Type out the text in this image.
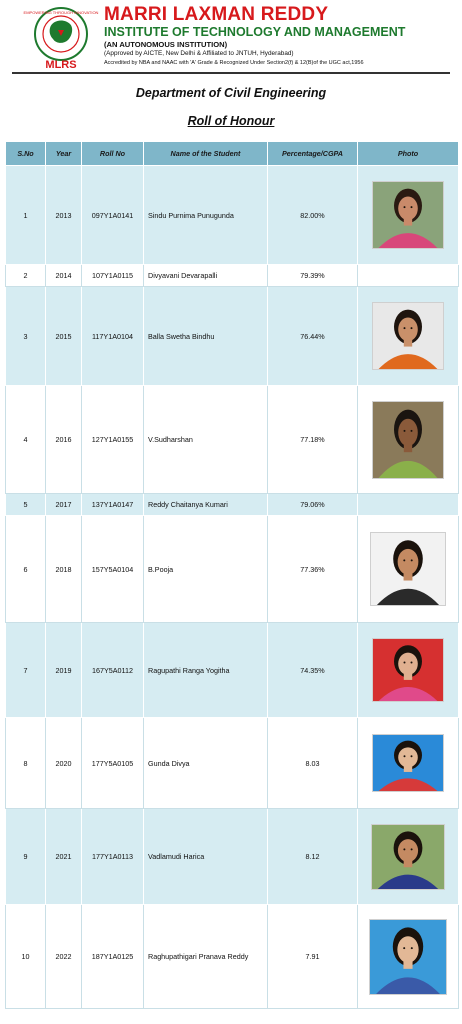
EMPOWERING THROUGH INNOVATION
MLRS
MARRI LAXMAN REDDY
INSTITUTE OF TECHNOLOGY AND MANAGEMENT
(AN AUTONOMOUS INSTITUTION)
(Approved by AICTE, New Delhi & Affiliated to JNTUH, Hyderabad)
Accredited by NBA and NAAC with 'A' Grade & Recognized Under Section2(f) & 12(B)of the UGC act,1956
Department of Civil Engineering
Roll of Honour
S.No	Year	Roll No	Name of the Student	Percentage/CGPA	Photo
1	2013	097Y1A0141	Sindu Purnima Punugunda	82.00%	

2	2014	107Y1A0115	Divyavani Devarapalli	79.39%	
3	2015	117Y1A0104	Balla Swetha Bindhu	76.44%	

4	2016	127Y1A0155	V.Sudharshan	77.18%	

5	2017	137Y1A0147	Reddy Chaitanya Kumari	79.06%	
6	2018	157Y5A0104	B.Pooja	77.36%	

7	2019	167Y5A0112	Ragupathi Ranga Yogitha	74.35%	

8	2020	177Y5A0105	Gunda Divya	8.03	

9	2021	177Y1A0113	Vadlamudi Harica	8.12	

10	2022	187Y1A0125	Raghupathigari Pranava Reddy	7.91	
